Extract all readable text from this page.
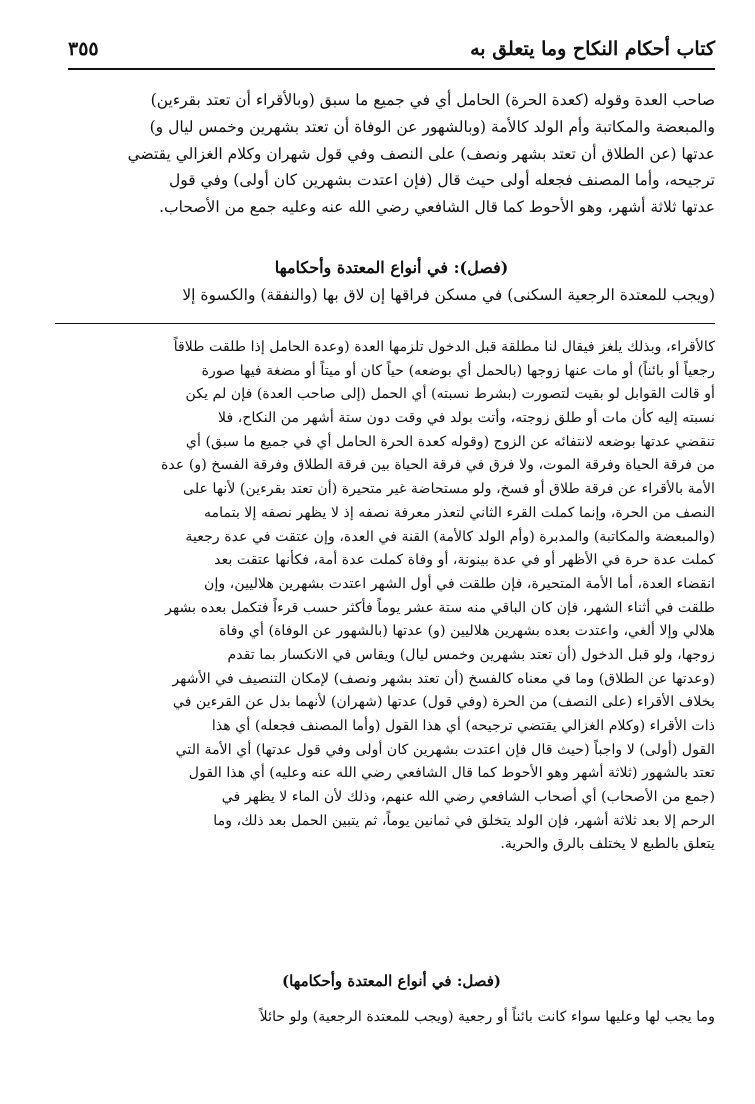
كتاب أحكام النكاح وما يتعلق به
٣٥٥
صاحب العدة وقوله (كعدة الحرة) الحامل أي في جميع ما سبق (وبالأقراء أن تعتد بقرءين)
والمبعضة والمكاتبة وأم الولد كالأمة (وبالشهور عن الوفاة أن تعتد بشهرين وخمس ليال و)
عدتها (عن الطلاق أن تعتد بشهر ونصف) على النصف وفي قول شهران وكلام الغزالي يقتضي
ترجيحه، وأما المصنف فجعله أولى حيث قال (فإن اعتدت بشهرين كان أولى) وفي قول
عدتها ثلاثة أشهر، وهو الأحوط كما قال الشافعي رضي الله عنه وعليه جمع من الأصحاب.
(فصل): في أنواع المعتدة وأحكامها
(ويجب للمعتدة الرجعية السكنى) في مسكن فراقها إن لاق بها (والنفقة) والكسوة إلا
كالأقراء، وبذلك يلغز فيقال لنا مطلقة قبل الدخول تلزمها العدة (وعدة الحامل إذا طلقت طلاقاً
رجعياً أو بائناً) أو مات عنها زوجها (بالحمل أي بوضعه) حياً كان أو ميتاً أو مضغة فيها صورة
أو قالت القوابل لو بقيت لتصورت (بشرط نسبته) أي الحمل (إلى صاحب العدة) فإن لم يكن
نسبته إليه كأن مات أو طلق زوجته، وأتت بولد في وقت دون ستة أشهر من النكاح، فلا
تنقضي عدتها بوضعه لانتفائه عن الزوج (وقوله كعدة الحرة الحامل أي في جميع ما سبق) أي
من فرقة الحياة وفرقة الموت، ولا فرق في فرقة الحياة بين فرقة الطلاق وفرقة الفسخ (و) عدة
الأمة بالأقراء عن فرقة طلاق أو فسخ، ولو مستحاضة غير متحيرة (أن تعتد بقرءين) لأنها على
النصف من الحرة، وإنما كملت القرء الثاني لتعذر معرفة نصفه إذ لا يظهر نصفه إلا بتمامه
(والمبعضة والمكاتبة) والمدبرة (وأم الولد كالأمة) القنة في العدة، وإن عتقت في عدة رجعية
كملت عدة حرة في الأظهر أو في عدة بينونة، أو وفاة كملت عدة أمة، فكأنها عتقت بعد
انقضاء العدة، أما الأمة المتحيرة، فإن طلقت في أول الشهر اعتدت بشهرين هلاليين، وإن
طلقت في أثناء الشهر، فإن كان الباقي منه ستة عشر يوماً فأكثر حسب قرءاً فتكمل بعده بشهر
هلالي وإلا ألغي، واعتدت بعده بشهرين هلاليين (و) عدتها (بالشهور عن الوفاة) أي وفاة
زوجها، ولو قبل الدخول (أن تعتد بشهرين وخمس ليال) ويقاس في الانكسار بما تقدم
(وعدتها عن الطلاق) وما في معناه كالفسخ (أن تعتد بشهر ونصف) لإمكان التنصيف في الأشهر
بخلاف الأقراء (على النصف) من الحرة (وفي قول) عدتها (شهران) لأنهما بدل عن القرءين في
ذات الأقراء (وكلام الغزالي يقتضي ترجيحه) أي هذا القول (وأما المصنف فجعله) أي هذا
القول (أولى) لا واجباً (حيث قال فإن اعتدت بشهرين كان أولى وفي قول عدتها) أي الأمة التي
تعتد بالشهور (ثلاثة أشهر وهو الأحوط كما قال الشافعي رضي الله عنه وعليه) أي هذا القول
(جمع من الأصحاب) أي أصحاب الشافعي رضي الله عنهم، وذلك لأن الماء لا يظهر في
الرحم إلا بعد ثلاثة أشهر، فإن الولد يتخلق في ثمانين يوماً، ثم يتبين الحمل بعد ذلك، وما
يتعلق بالطبع لا يختلف بالرق والحرية.
(فصل: في أنواع المعتدة وأحكامها)
وما يجب لها وعليها سواء كانت بائناً أو رجعية (ويجب للمعتدة الرجعية) ولو حائلاً
